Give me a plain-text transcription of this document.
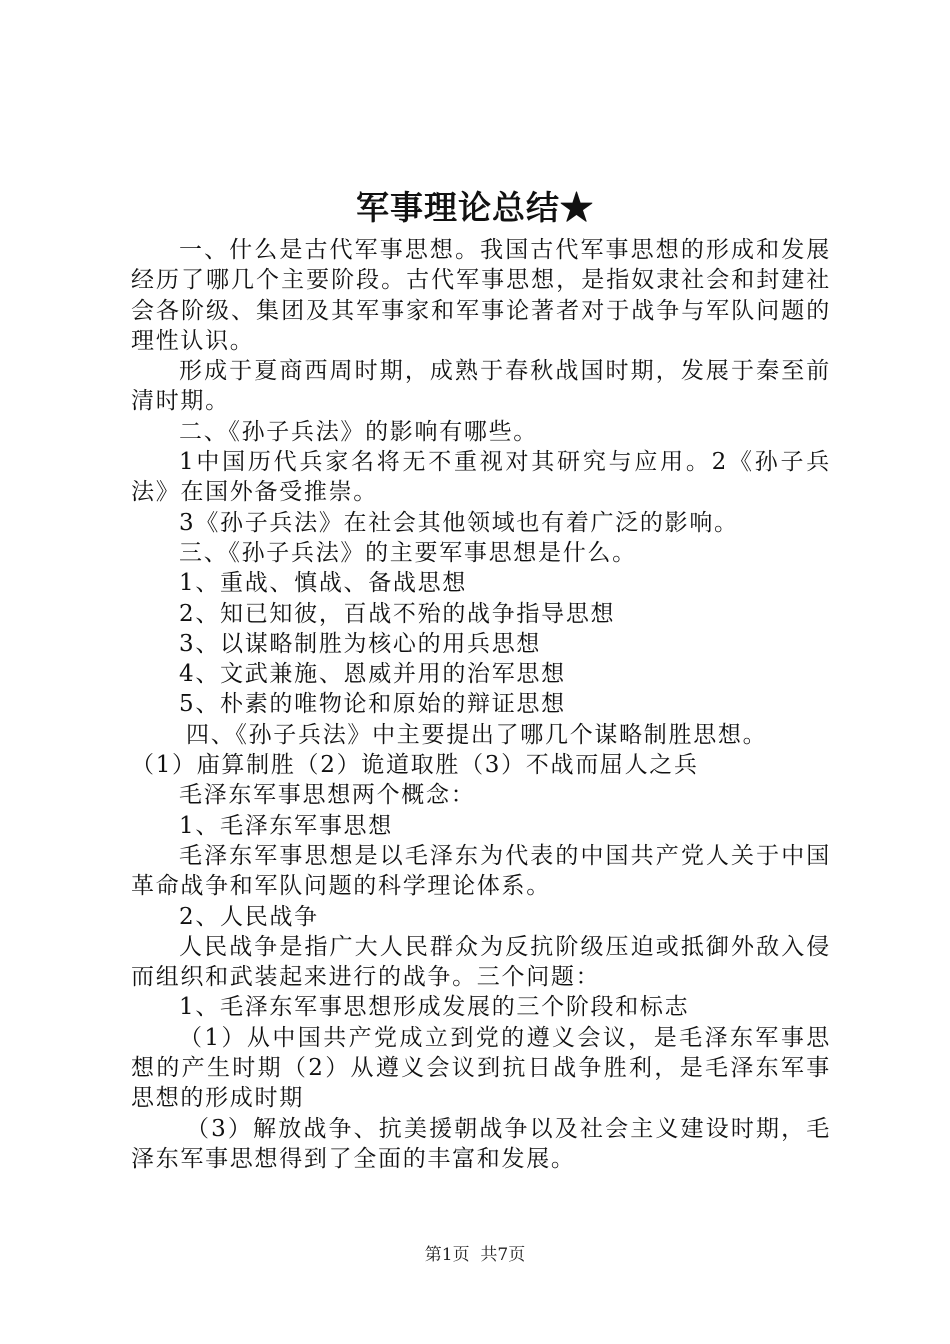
军事理论总结★

一、什么是古代军事思想。我国古代军事思想的形成和发展经历了哪几个主要阶段。古代军事思想，是指奴隶社会和封建社会各阶级、集团及其军事家和军事论著者对于战争与军队问题的理性认识。

形成于夏商西周时期，成熟于春秋战国时期，发展于秦至前清时期。

二、《孙子兵法》的影响有哪些。

1中国历代兵家名将无不重视对其研究与应用。2《孙子兵法》在国外备受推崇。

3《孙子兵法》在社会其他领域也有着广泛的影响。

三、《孙子兵法》的主要军事思想是什么。

1、重战、慎战、备战思想

2、知已知彼，百战不殆的战争指导思想

3、以谋略制胜为核心的用兵思想

4、文武兼施、恩威并用的治军思想

5、朴素的唯物论和原始的辩证思想

四、《孙子兵法》中主要提出了哪几个谋略制胜思想。

（1）庙算制胜（2）诡道取胜（3）不战而屈人之兵

毛泽东军事思想两个概念：

1、毛泽东军事思想

毛泽东军事思想是以毛泽东为代表的中国共产党人关于中国革命战争和军队问题的科学理论体系。

2、人民战争

人民战争是指广大人民群众为反抗阶级压迫或抵御外敌入侵而组织和武装起来进行的战争。三个问题：

1、毛泽东军事思想形成发展的三个阶段和标志

（1）从中国共产党成立到党的遵义会议，是毛泽东军事思想的产生时期（2）从遵义会议到抗日战争胜利，是毛泽东军事思想的形成时期

（3）解放战争、抗美援朝战争以及社会主义建设时期，毛泽东军事思想得到了全面的丰富和发展。

第1页 共7页
